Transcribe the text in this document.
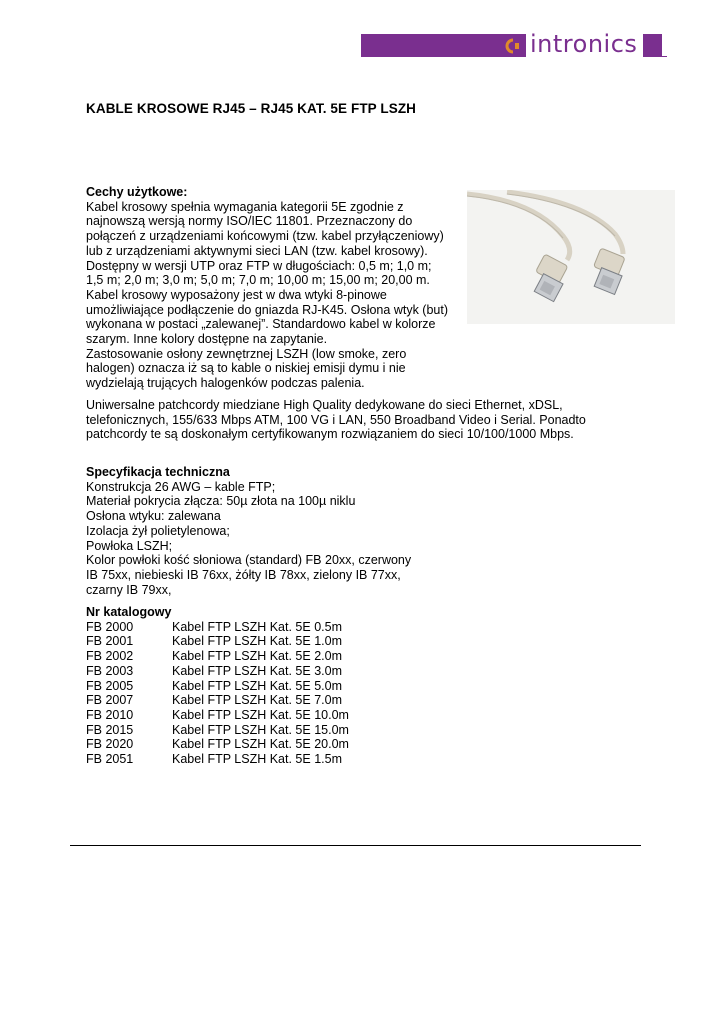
intronics
KABLE KROSOWE RJ45 – RJ45 KAT. 5E FTP LSZH
Cechy użytkowe:
Kabel krosowy spełnia wymagania kategorii 5E zgodnie z
najnowszą wersją normy ISO/IEC 11801. Przeznaczony do
połączeń z urządzeniami końcowymi (tzw. kabel przyłączeniowy)
lub z urządzeniami aktywnymi sieci LAN (tzw. kabel krosowy).
Dostępny w wersji UTP oraz FTP w długościach: 0,5 m; 1,0 m;
1,5 m; 2,0 m; 3,0 m; 5,0 m; 7,0 m; 10,00 m; 15,00 m; 20,00 m.
Kabel krosowy wyposażony jest w dwa wtyki 8-pinowe
umożliwiające podłączenie do gniazda RJ-K45. Osłona wtyk (but)
wykonana w postaci „zalewanej”. Standardowo kabel w kolorze
szarym. Inne kolory dostępne na zapytanie.
Zastosowanie osłony zewnętrznej LSZH (low smoke, zero
halogen) oznacza iż są to kable o niskiej emisji dymu i nie
wydzielają trujących halogenków podczas palenia.
Uniwersalne patchcordy miedziane High Quality dedykowane do sieci Ethernet, xDSL,
telefonicznych, 155/633 Mbps ATM, 100 VG i LAN, 550 Broadband Video i Serial. Ponadto
patchcordy te są doskonałym certyfikowanym rozwiązaniem do sieci 10/100/1000 Mbps.
Specyfikacja techniczna
Konstrukcja 26 AWG – kable FTP;
Materiał pokrycia złącza: 50µ złota na 100µ niklu
Osłona wtyku: zalewana
Izolacja żył polietylenowa;
Powłoka LSZH;
Kolor powłoki kość słoniowa (standard) FB 20xx, czerwony
IB 75xx, niebieski IB 76xx, żółty IB 78xx, zielony IB 77xx,
czarny IB 79xx,
Nr katalogowy
FB 2000	Kabel FTP LSZH Kat. 5E 0.5m
FB 2001	Kabel FTP LSZH Kat. 5E 1.0m
FB 2002	Kabel FTP LSZH Kat. 5E 2.0m
FB 2003	Kabel FTP LSZH Kat. 5E 3.0m
FB 2005	Kabel FTP LSZH Kat. 5E 5.0m
FB 2007	Kabel FTP LSZH Kat. 5E 7.0m
FB 2010	Kabel FTP LSZH Kat. 5E 10.0m
FB 2015	Kabel FTP LSZH Kat. 5E 15.0m
FB 2020	Kabel FTP LSZH Kat. 5E 20.0m
FB 2051	Kabel FTP LSZH Kat. 5E 1.5m
